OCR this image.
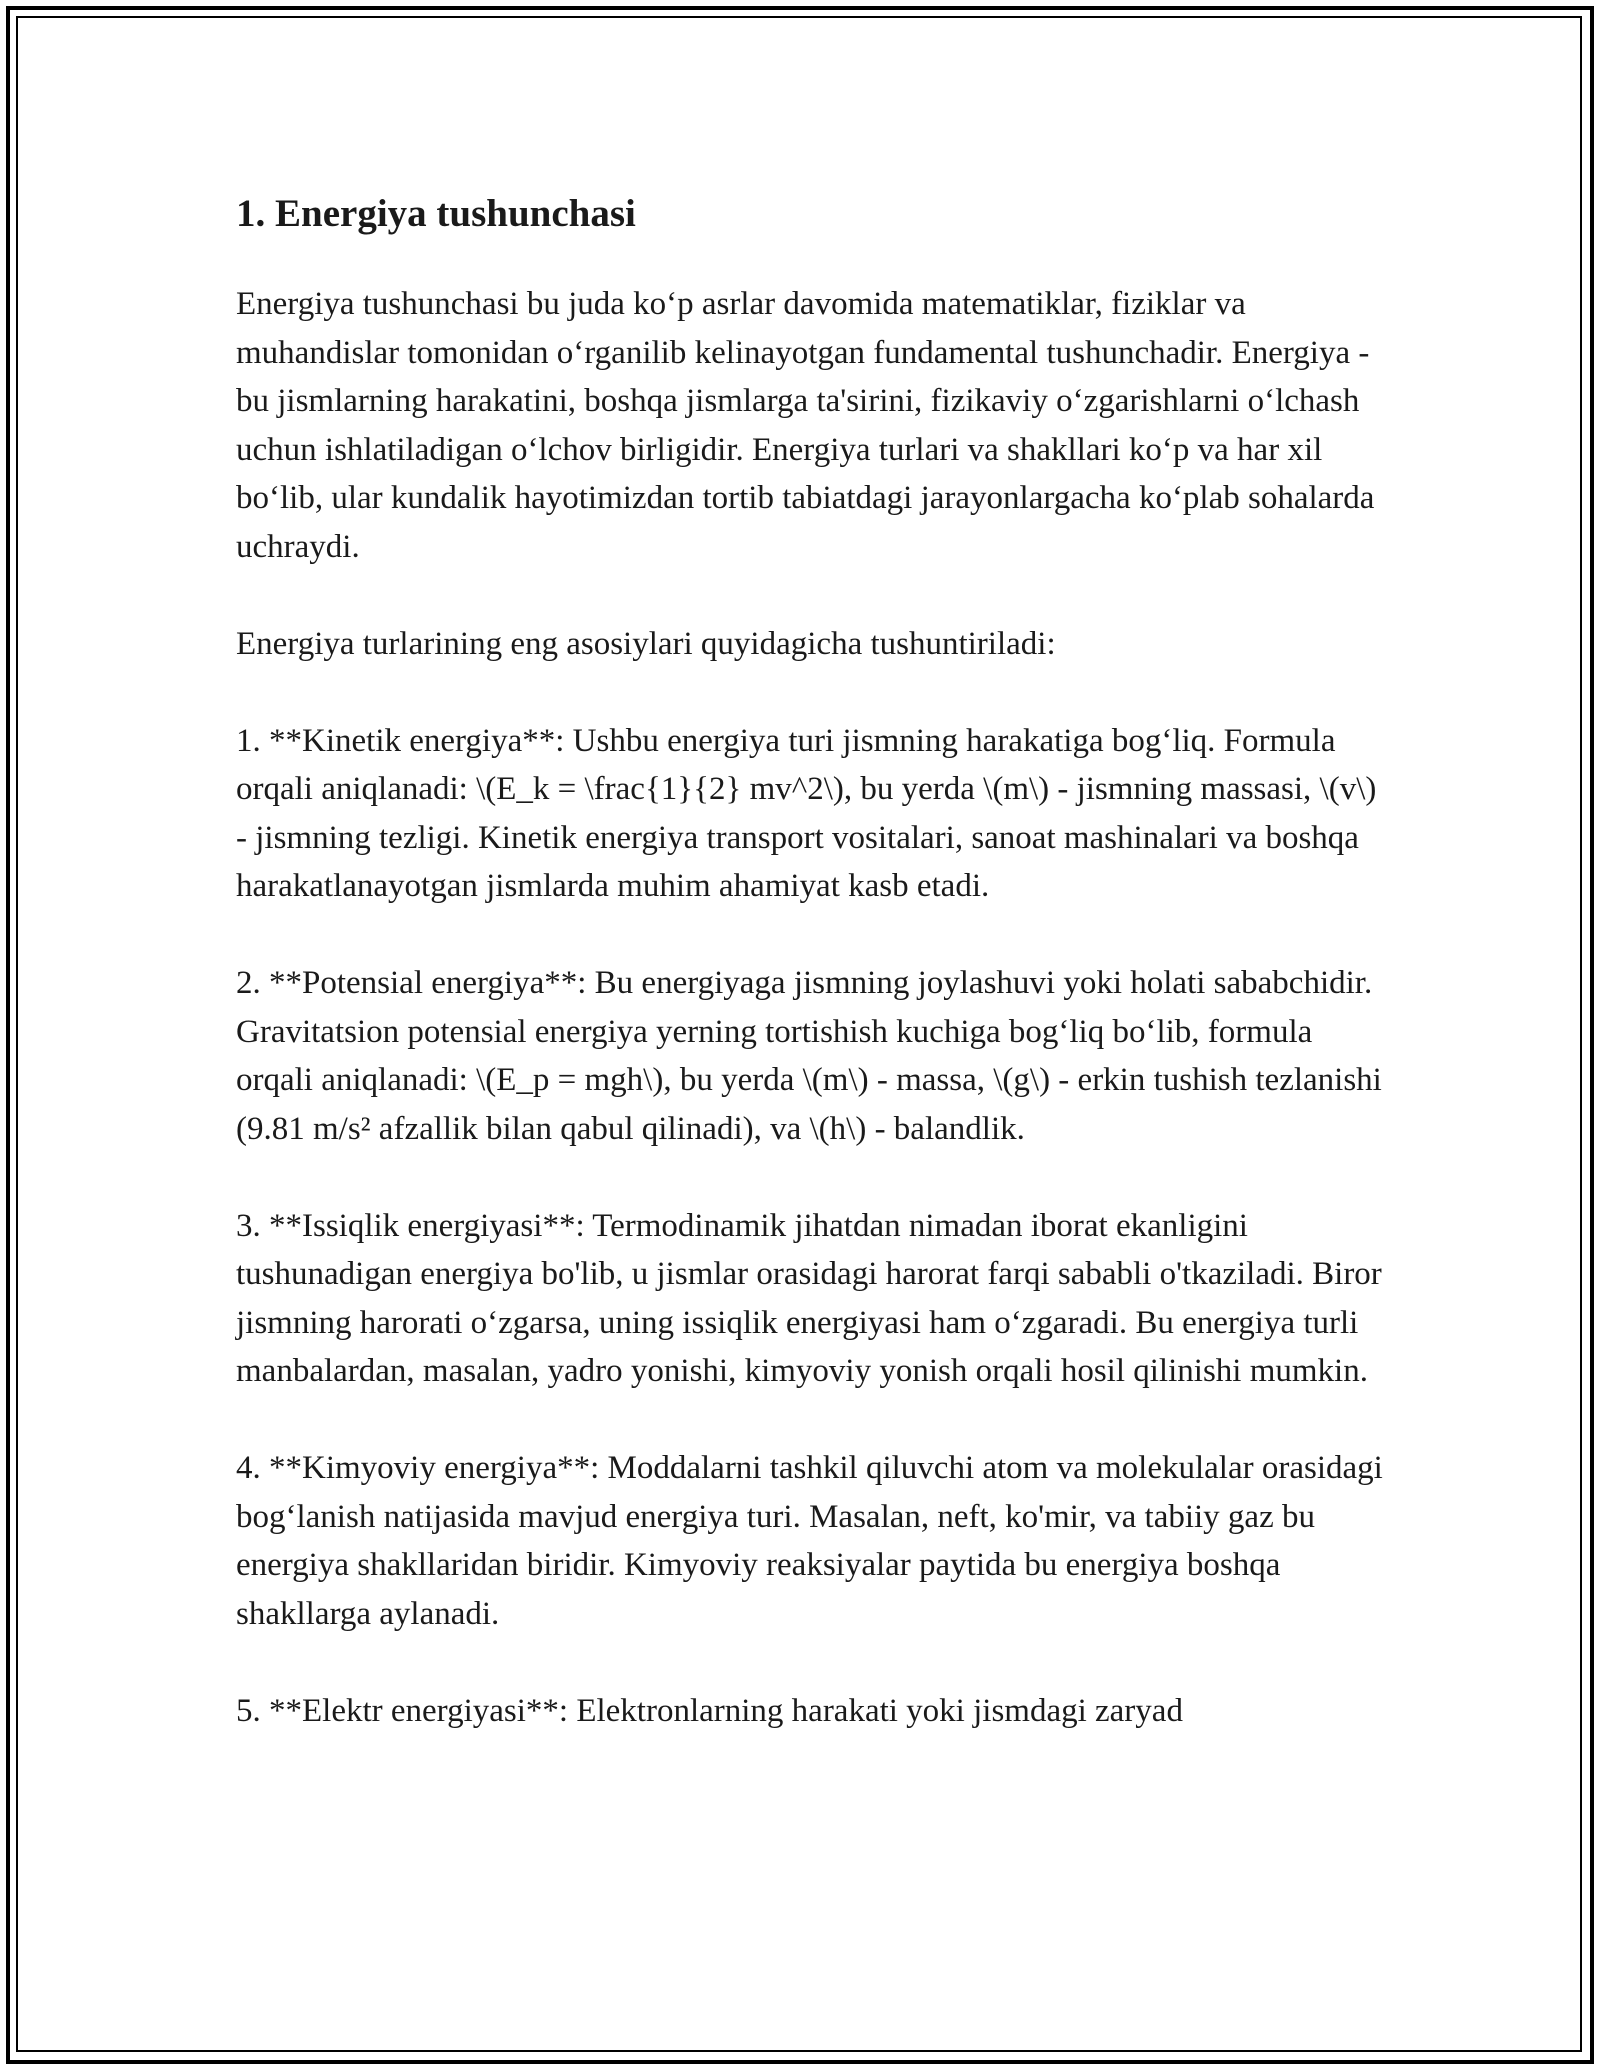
1. Energiya tushunchasi

Energiya tushunchasi bu juda ko‘p asrlar davomida matematiklar, fiziklar va muhandislar tomonidan o‘rganilib kelinayotgan fundamental tushunchadir. Energiya - bu jismlarning harakatini, boshqa jismlarga ta'sirini, fizikaviy o‘zgarishlarni o‘lchash uchun ishlatiladigan o‘lchov birligidir. Energiya turlari va shakllari ko‘p va har xil bo‘lib, ular kundalik hayotimizdan tortib tabiatdagi jarayonlargacha ko‘plab sohalarda uchraydi.

Energiya turlarining eng asosiylari quyidagicha tushuntiriladi:

1. **Kinetik energiya**: Ushbu energiya turi jismning harakatiga bog‘liq. Formula orqali aniqlanadi: \(E_k = \frac{1}{2} mv^2\), bu yerda \(m\) - jismning massasi, \(v\) - jismning tezligi. Kinetik energiya transport vositalari, sanoat mashinalari va boshqa harakatlanayotgan jismlarda muhim ahamiyat kasb etadi.

2. **Potensial energiya**: Bu energiyaga jismning joylashuvi yoki holati sababchidir. Gravitatsion potensial energiya yerning tortishish kuchiga bog‘liq bo‘lib, formula orqali aniqlanadi: \(E_p = mgh\), bu yerda \(m\) - massa, \(g\) - erkin tushish tezlanishi (9.81 m/s² afzallik bilan qabul qilinadi), va \(h\) - balandlik.

3. **Issiqlik energiyasi**: Termodinamik jihatdan nimadan iborat ekanligini tushunadigan energiya bo'lib, u jismlar orasidagi harorat farqi sababli o'tkaziladi. Biror jismning harorati o‘zgarsa, uning issiqlik energiyasi ham o‘zgaradi. Bu energiya turli manbalardan, masalan, yadro yonishi, kimyoviy yonish orqali hosil qilinishi mumkin.

4. **Kimyoviy energiya**: Moddalarni tashkil qiluvchi atom va molekulalar orasidagi bog‘lanish natijasida mavjud energiya turi. Masalan, neft, ko'mir, va tabiiy gaz bu energiya shakllaridan biridir. Kimyoviy reaksiyalar paytida bu energiya boshqa shakllarga aylanadi.

5. **Elektr energiyasi**: Elektronlarning harakati yoki jismdagi zaryad
